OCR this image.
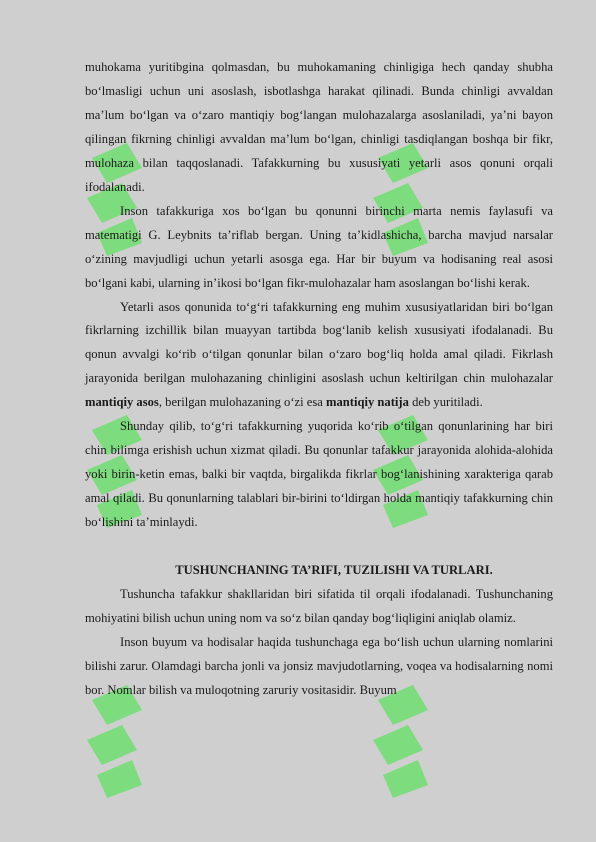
muhokama yuritibgina qolmasdan, bu muhokamaning chinligiga hech qanday shubha bo‘lmasligi uchun uni asoslash, isbotlashga harakat qilinadi. Bunda chinligi avvaldan ma’lum bo‘lgan va o‘zaro mantiqiy bog‘langan mulohazalarga asoslaniladi, ya’ni bayon qilingan fikrning chinligi avvaldan ma’lum bo‘lgan, chinligi tasdiqlangan boshqa bir fikr, mulohaza bilan taqqoslanadi. Tafakkurning bu xususiyati yetarli asos qonuni orqali ifodalanadi.

Inson tafakkuriga xos bo‘lgan bu qonunni birinchi marta nemis faylasufi va matematigi G. Leybnits ta’riflab bergan. Uning ta’kidlashicha, barcha mavjud narsalar o‘zining mavjudligi uchun yetarli asosga ega. Har bir buyum va hodisaning real asosi bo‘lgani kabi, ularning in’ikosi bo‘lgan fikr-mulohazalar ham asoslangan bo‘lishi kerak.

Yetarli asos qonunida to‘g‘ri tafakkurning eng muhim xususiyatlaridan biri bo‘lgan fikrlarning izchillik bilan muayyan tartibda bog‘lanib kelish xususiyati ifodalanadi. Bu qonun avvalgi ko‘rib o‘tilgan qonunlar bilan o‘zaro bog‘liq holda amal qiladi. Fikrlash jarayonida berilgan mulohazaning chinligini asoslash uchun keltirilgan chin mulohazalar mantiqiy asos, berilgan mulohazaning o‘zi esa mantiqiy natija deb yuritiladi.

Shunday qilib, to‘g‘ri tafakkurning yuqorida ko‘rib o‘tilgan qonunlarining har biri chin bilimga erishish uchun xizmat qiladi. Bu qonunlar tafakkur jarayonida alohida-alohida yoki birin-ketin emas, balki bir vaqtda, birgalikda fikrlar bog‘lanishining xarakteriga qarab amal qiladi. Bu qonunlarning talablari bir-birini to‘ldirgan holda mantiqiy tafakkurning chin bo‘lishini ta’minlaydi.

TUSHUNCHANING TA’RIFI, TUZILISHI VA TURLARI.

Tushuncha tafakkur shakllaridan biri sifatida til orqali ifodalanadi. Tushunchaning mohiyatini bilish uchun uning nom va so‘z bilan qanday bog‘liqligini aniqlab olamiz.

Inson buyum va hodisalar haqida tushunchaga ega bo‘lish uchun ularning nomlarini bilishi zarur. Olamdagi barcha jonli va jonsiz mavjudotlarning, voqea va hodisalarning nomi bor. Nomlar bilish va muloqotning zaruriy vositasidir. Buyum
